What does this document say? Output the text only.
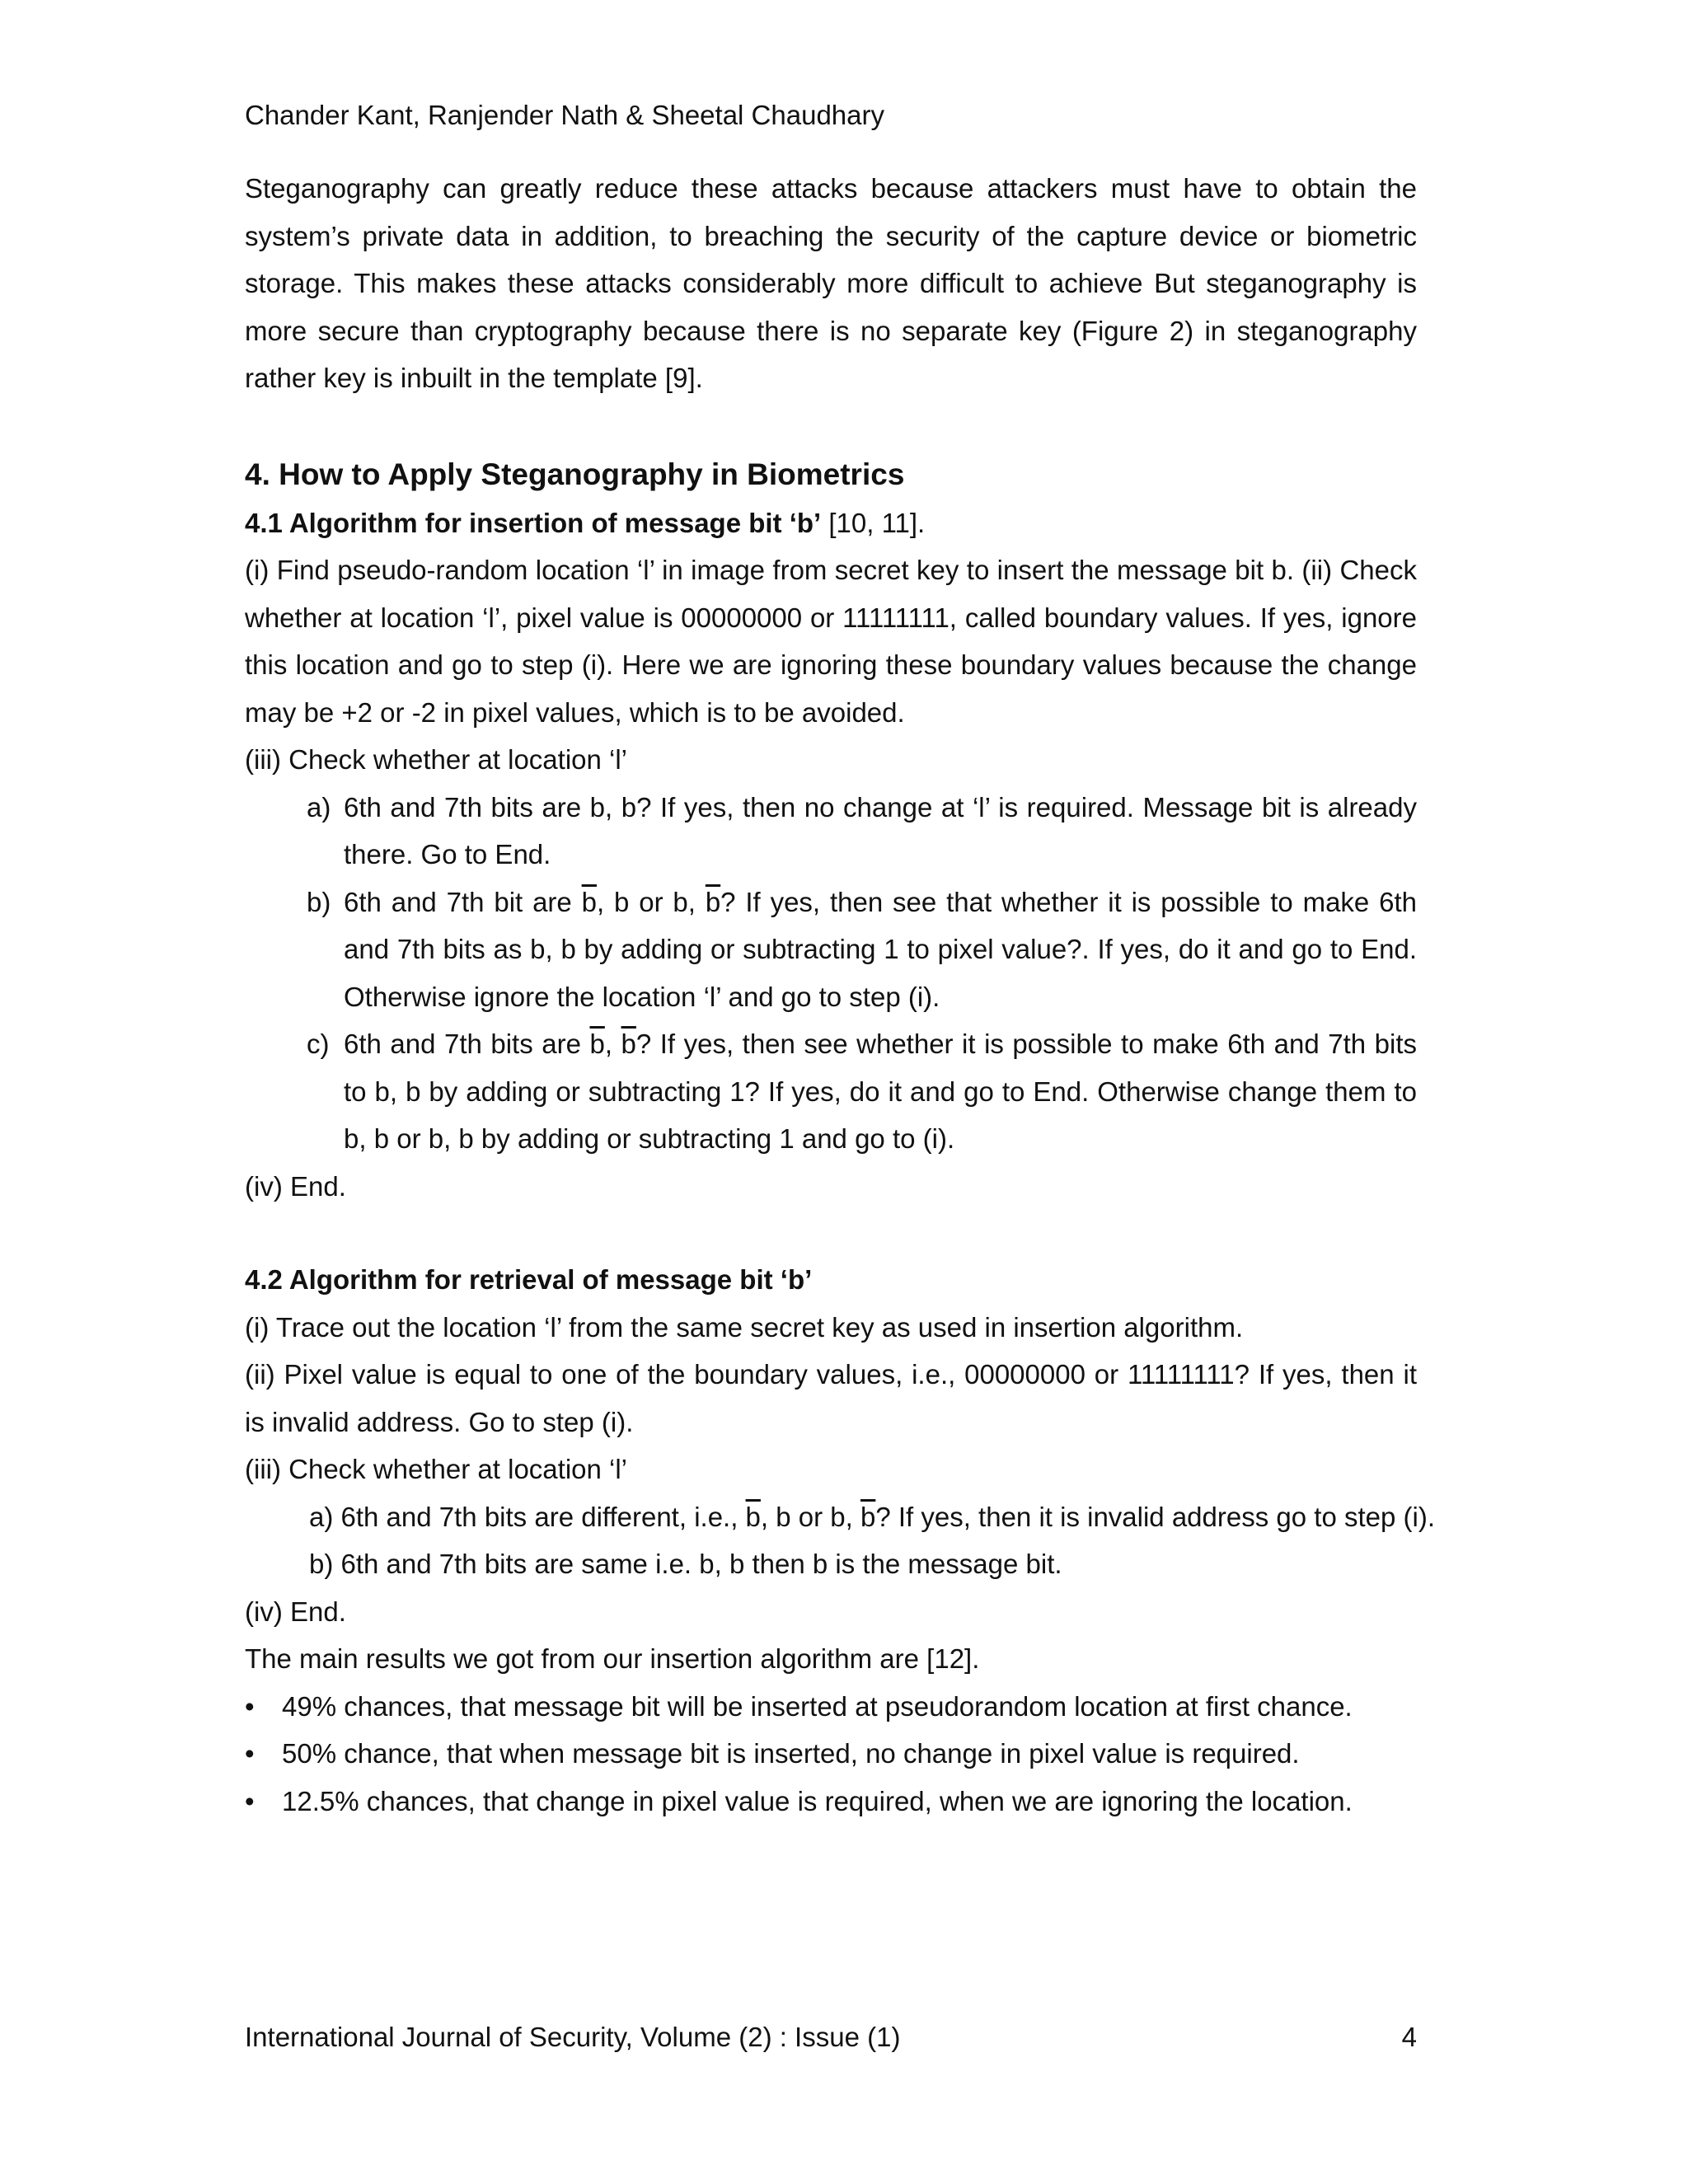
Chander Kant, Ranjender Nath & Sheetal Chaudhary

Steganography can greatly reduce these attacks because attackers must have to obtain the system’s private data in addition, to breaching the security of the capture device or biometric storage. This makes these attacks considerably more difficult to achieve But steganography is more secure than cryptography because there is no separate key (Figure 2) in steganography rather key is inbuilt in the template [9].

4. How to Apply Steganography in Biometrics

4.1 Algorithm for insertion of message bit ‘b’ [10, 11].

(i) Find pseudo-random location ‘l’ in image from secret key to insert the message bit b. (ii) Check whether at location ‘l’, pixel value is 00000000 or 11111111, called boundary values. If yes, ignore this location and go to step (i). Here we are ignoring these boundary values because the change may be +2 or -2 in pixel values, which is to be avoided.

(iii) Check whether at location ‘l’

a) 6th and 7th bits are b, b? If yes, then no change at ‘l’ is required. Message bit is already there. Go to End.

b) 6th and 7th bit are $\overline{b}$, b or b, $\overline{b}$? If yes, then see that whether it is possible to make 6th and 7th bits as b, b by adding or subtracting 1 to pixel value?. If yes, do it and go to End. Otherwise ignore the location ‘l’ and go to step (i).

c) 6th and 7th bits are $\overline{b}$, $\overline{b}$? If yes, then see whether it is possible to make 6th and 7th bits to b, b by adding or subtracting 1? If yes, do it and go to End. Otherwise change them to b, b or b, b by adding or subtracting 1 and go to (i).

(iv) End.

4.2 Algorithm for retrieval of message bit ‘b’

(i) Trace out the location ‘l’ from the same secret key as used in insertion algorithm.

(ii) Pixel value is equal to one of the boundary values, i.e., 00000000 or 11111111? If yes, then it is invalid address. Go to step (i).

(iii) Check whether at location ‘l’

a) 6th and 7th bits are different, i.e., $\overline{b}$, b or b, $\overline{b}$? If yes, then it is invalid address go to step (i).

b) 6th and 7th bits are same i.e. b, b then b is the message bit.

(iv) End.

The main results we got from our insertion algorithm are [12].

• 49% chances, that message bit will be inserted at pseudorandom location at first chance.
• 50% chance, that when message bit is inserted, no change in pixel value is required.
• 12.5% chances, that change in pixel value is required, when we are ignoring the location.
International Journal of Security, Volume (2) : Issue (1)	4
